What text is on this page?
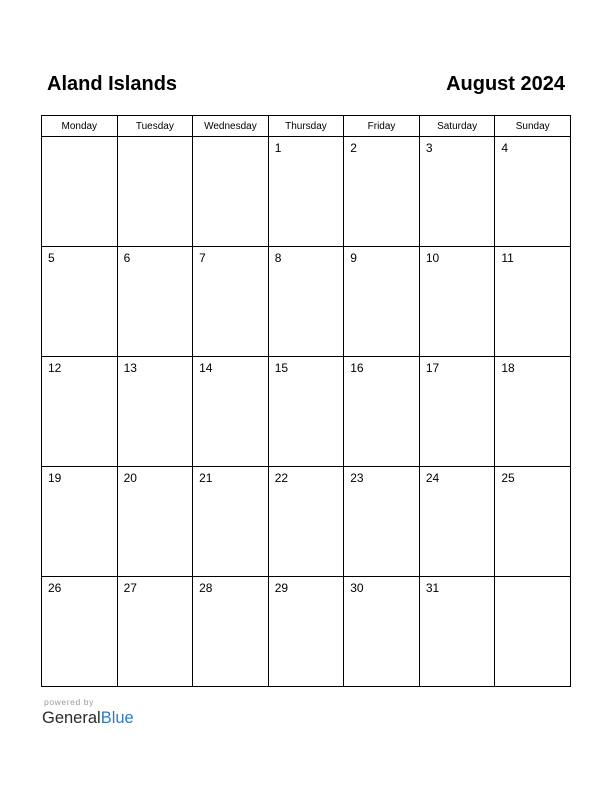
Aland Islands	August 2024
Monday	Tuesday	Wednesday	Thursday	Friday	Saturday	Sunday

			1	2	3	4

5	6	7	8	9	10	11

12	13	14	15	16	17	18

19	20	21	22	23	24	25

26	27	28	29	30	31	

powered by
GeneralBlue
